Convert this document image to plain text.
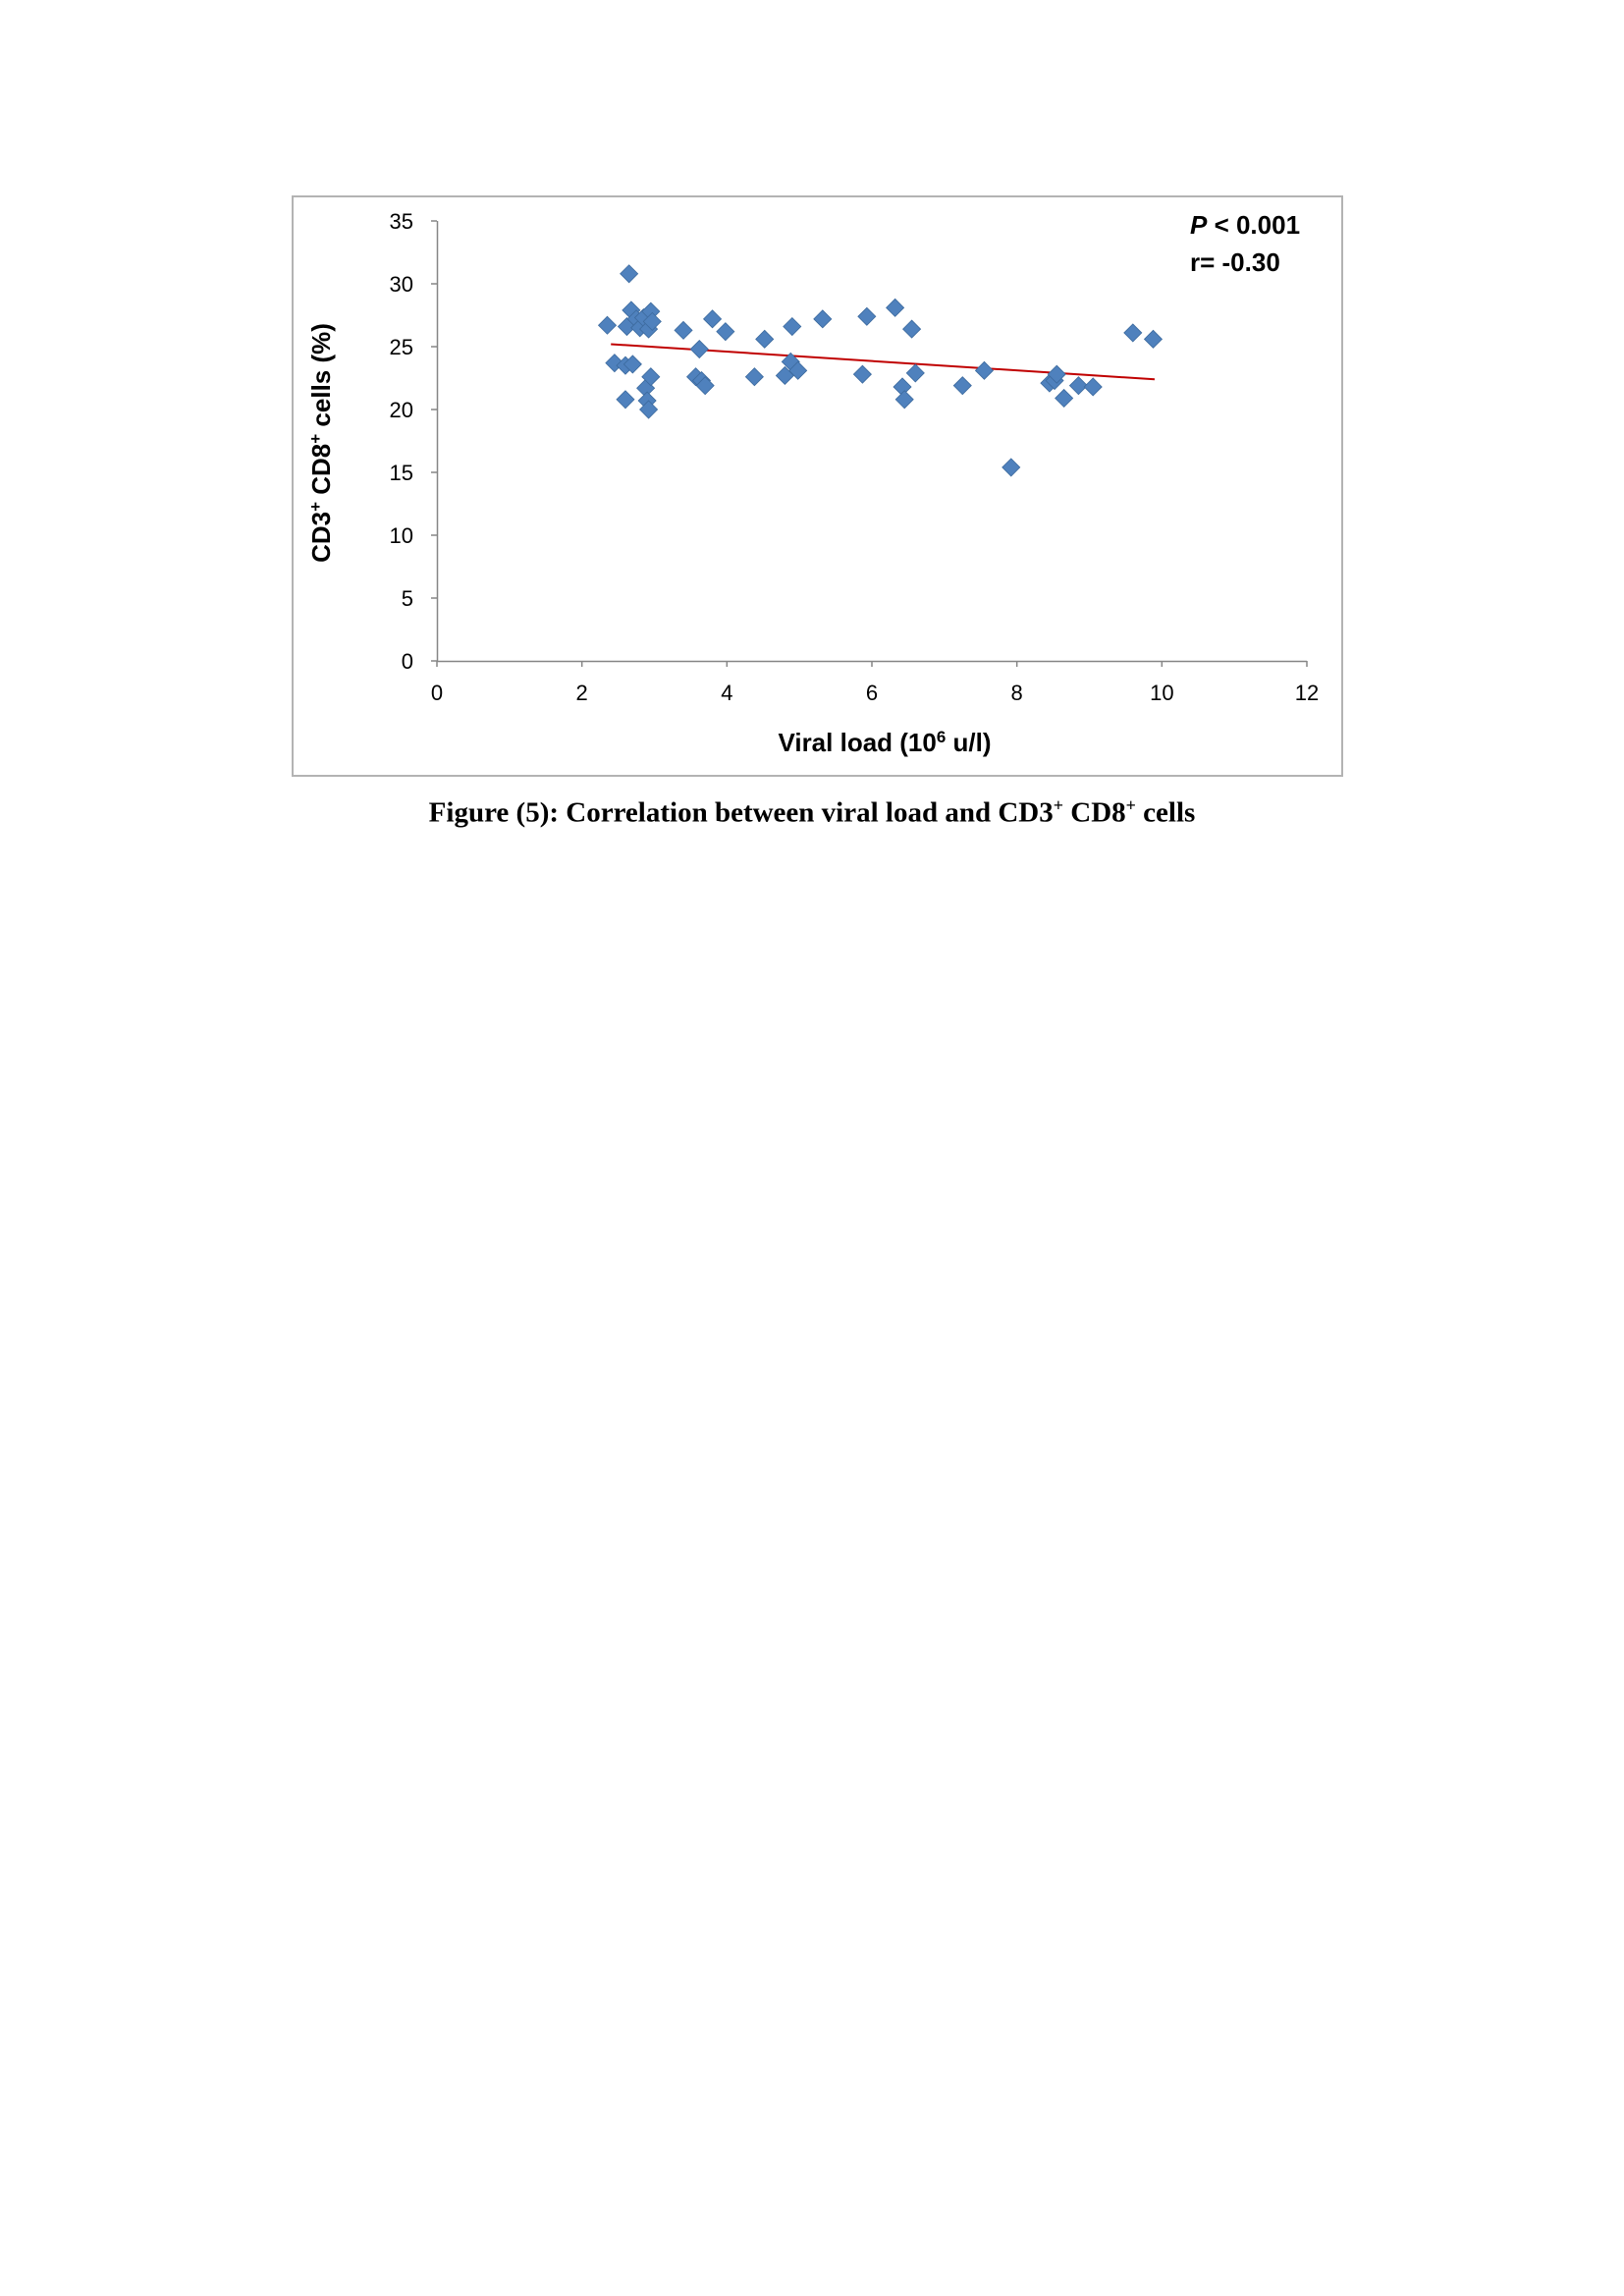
0
5
10
15
20
25
30
35
0	2	4	6	8	10	12
CD3+ CD8+ cells (%)
Viral load ($10^6$ u/l)
P < 0.001
r= -0.30
Figure (5): Correlation between viral load and CD3+ CD8+ cells
